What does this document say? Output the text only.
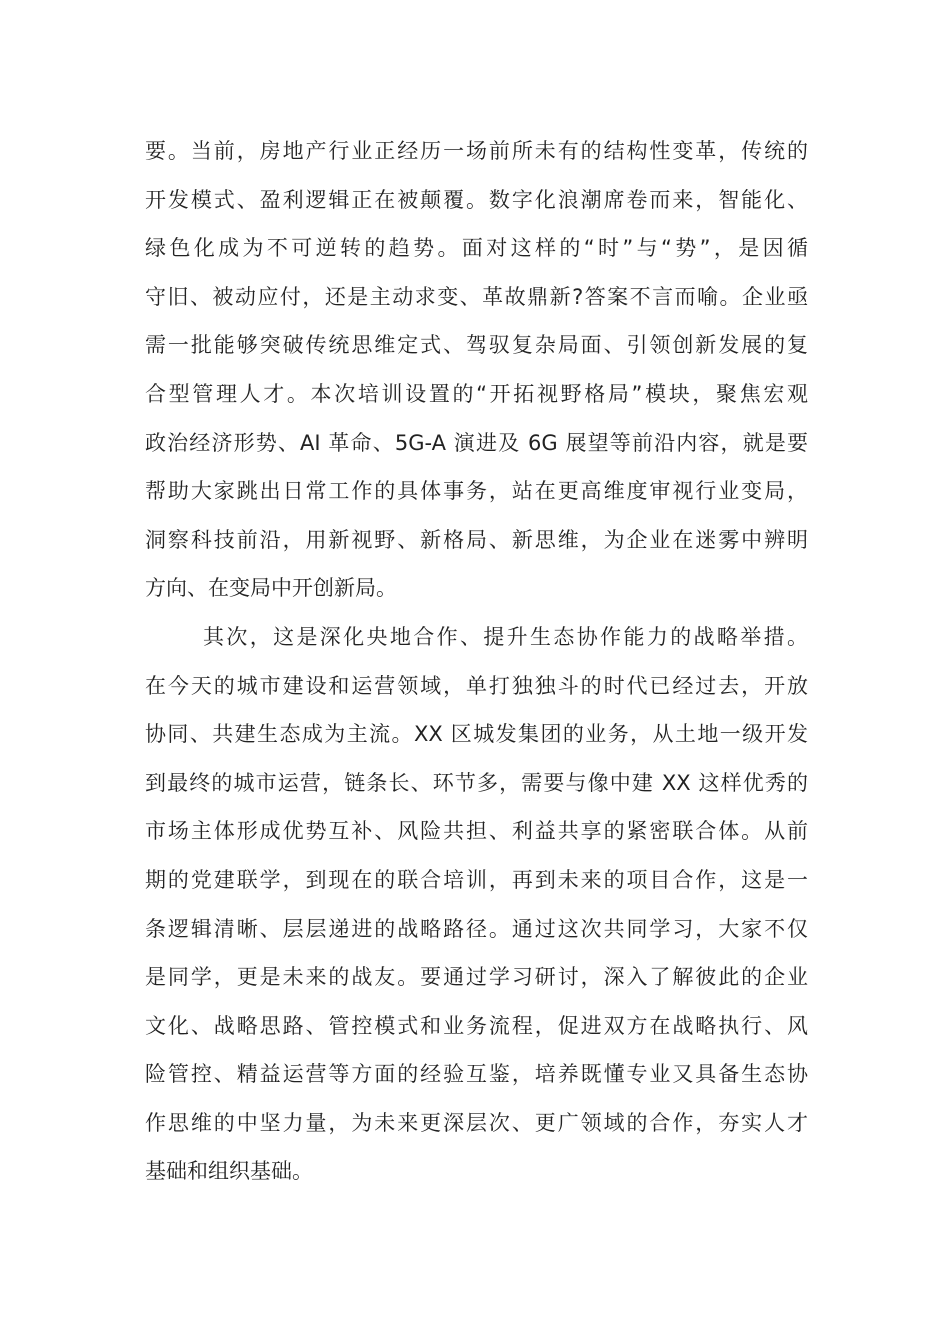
要。当前，房地产行业正经历一场前所未有的结构性变革，传统的
开发模式、盈利逻辑正在被颠覆。数字化浪潮席卷而来，智能化、
绿色化成为不可逆转的趋势。面对这样的“时”与“势”，是因循
守旧、被动应付，还是主动求变、革故鼎新?答案不言而喻。企业亟
需一批能够突破传统思维定式、驾驭复杂局面、引领创新发展的复
合型管理人才。本次培训设置的“开拓视野格局”模块，聚焦宏观
政治经济形势、AI 革命、5G-A 演进及 6G 展望等前沿内容，就是要
帮助大家跳出日常工作的具体事务，站在更高维度审视行业变局，
洞察科技前沿，用新视野、新格局、新思维，为企业在迷雾中辨明
方向、在变局中开创新局。
其次，这是深化央地合作、提升生态协作能力的战略举措。
在今天的城市建设和运营领域，单打独独斗的时代已经过去，开放
协同、共建生态成为主流。XX 区城发集团的业务，从土地一级开发
到最终的城市运营，链条长、环节多，需要与像中建 XX 这样优秀的
市场主体形成优势互补、风险共担、利益共享的紧密联合体。从前
期的党建联学，到现在的联合培训，再到未来的项目合作，这是一
条逻辑清晰、层层递进的战略路径。通过这次共同学习，大家不仅
是同学，更是未来的战友。要通过学习研讨，深入了解彼此的企业
文化、战略思路、管控模式和业务流程，促进双方在战略执行、风
险管控、精益运营等方面的经验互鉴，培养既懂专业又具备生态协
作思维的中坚力量，为未来更深层次、更广领域的合作，夯实人才
基础和组织基础。
